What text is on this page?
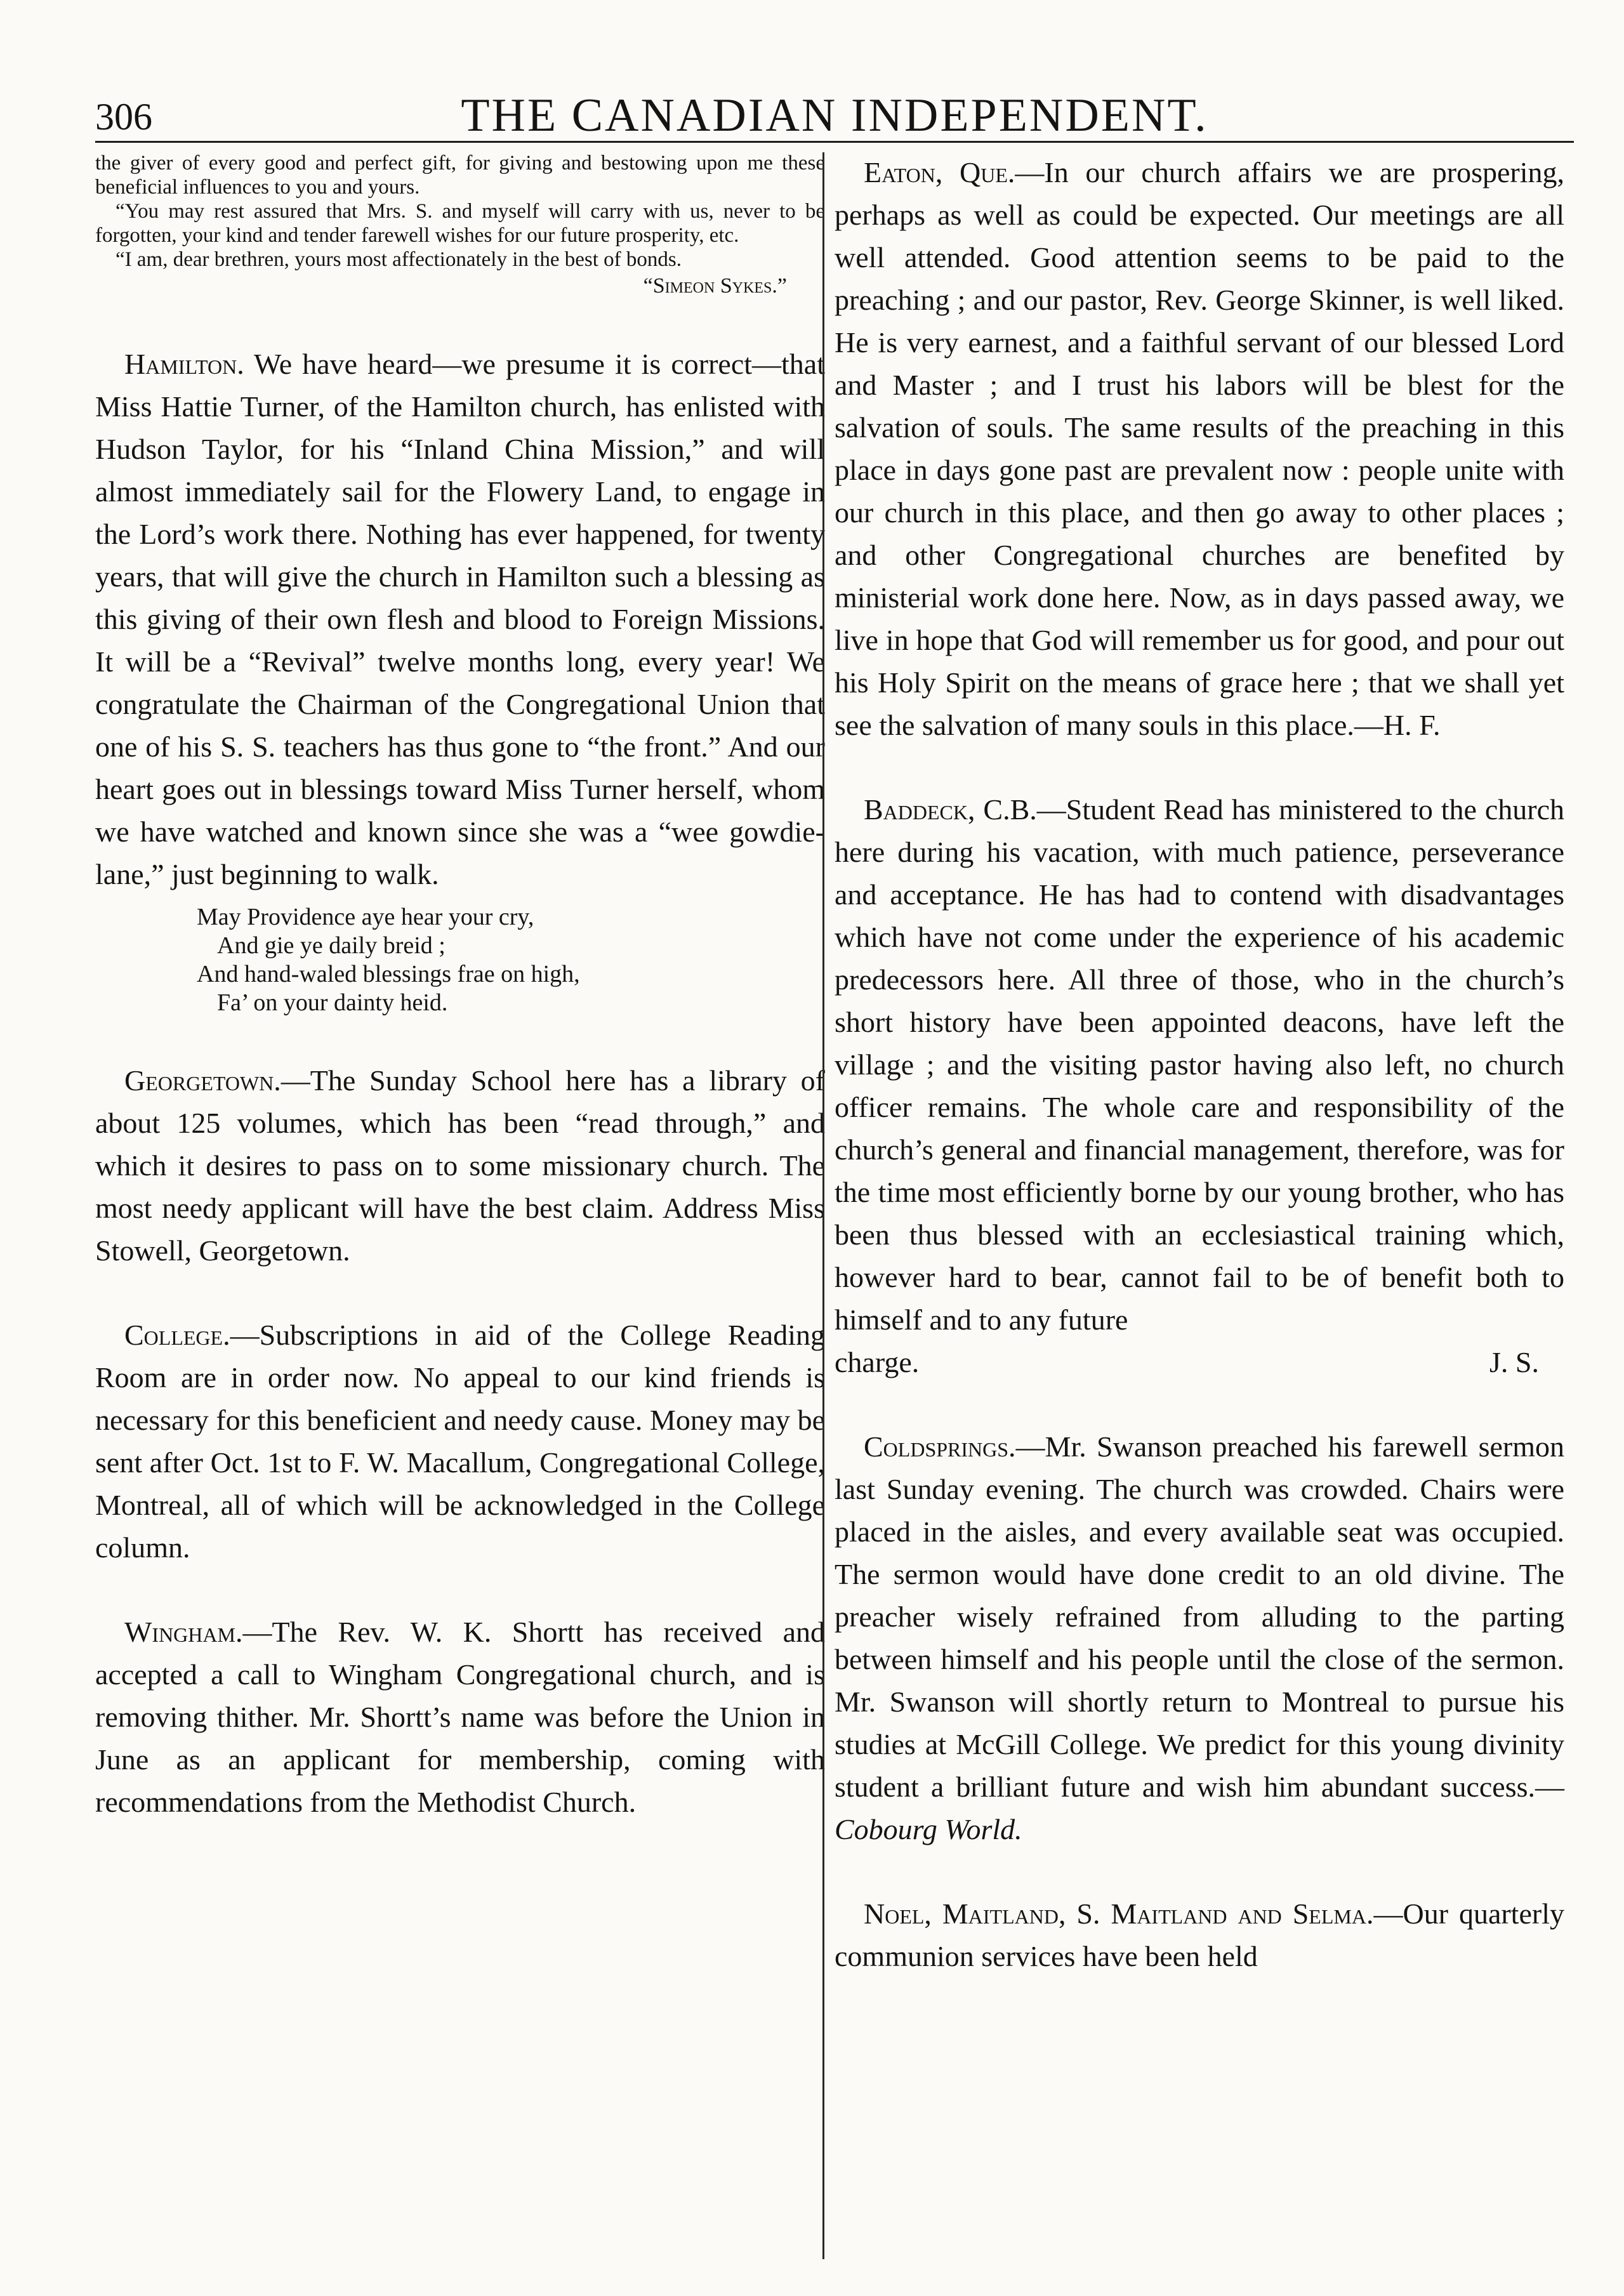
306	THE CANADIAN INDEPENDENT.

the giver of every good and perfect gift, for giving and bestowing upon me these beneficial influences to you and yours.

“You may rest assured that Mrs. S. and myself will carry with us, never to be forgotten, your kind and tender farewell wishes for our future prosperity, etc.

“I am, dear brethren, yours most affectionately in the best of bonds.

“Simeon Sykes.”

Hamilton. We have heard—we presume it is correct—that Miss Hattie Turner, of the Hamilton church, has enlisted with Hudson Taylor, for his “Inland China Mission,” and will almost immediately sail for the Flowery Land, to engage in the Lord’s work there. Nothing has ever happened, for twenty years, that will give the church in Hamilton such a blessing as this giving of their own flesh and blood to Foreign Missions. It will be a “Revival” twelve months long, every year! We congratulate the Chairman of the Congregational Union that one of his S. S. teachers has thus gone to “the front.” And our heart goes out in blessings toward Miss Turner herself, whom we have watched and known since she was a “wee gowdie-lane,” just beginning to walk.

May Providence aye hear your cry,
And gie ye daily breid ;
And hand-waled blessings frae on high,
Fa’ on your dainty heid.

Georgetown.—The Sunday School here has a library of about 125 volumes, which has been “read through,” and which it desires to pass on to some missionary church. The most needy applicant will have the best claim. Address Miss Stowell, Georgetown.

College.—Subscriptions in aid of the College Reading Room are in order now. No appeal to our kind friends is necessary for this beneficient and needy cause. Money may be sent after Oct. 1st to F. W. Macallum, Congregational College, Montreal, all of which will be acknowledged in the College column.

Wingham.—The Rev. W. K. Shortt has received and accepted a call to Wingham Congregational church, and is removing thither. Mr. Shortt’s name was before the Union in June as an applicant for membership, coming with recommendations from the Methodist Church.

Eaton, Que.—In our church affairs we are prospering, perhaps as well as could be expected. Our meetings are all well attended. Good attention seems to be paid to the preaching ; and our pastor, Rev. George Skinner, is well liked. He is very earnest, and a faithful servant of our blessed Lord and Master ; and I trust his labors will be blest for the salvation of souls. The same results of the preaching in this place in days gone past are prevalent now : people unite with our church in this place, and then go away to other places ; and other Congregational churches are benefited by ministerial work done here. Now, as in days passed away, we live in hope that God will remember us for good, and pour out his Holy Spirit on the means of grace here ; that we shall yet see the salvation of many souls in this place.—H. F.

Baddeck, C.B.—Student Read has ministered to the church here during his vacation, with much patience, perseverance and acceptance. He has had to contend with disadvantages which have not come under the experience of his academic predecessors here. All three of those, who in the church’s short history have been appointed deacons, have left the village ; and the visiting pastor having also left, no church officer remains. The whole care and responsibility of the church’s general and financial management, therefore, was for the time most efficiently borne by our young brother, who has been thus blessed with an ecclesiastical training which, however hard to bear, cannot fail to be of benefit both to himself and to any future

charge.	J. S.

Coldsprings.—Mr. Swanson preached his farewell sermon last Sunday evening. The church was crowded. Chairs were placed in the aisles, and every available seat was occupied. The sermon would have done credit to an old divine. The preacher wisely refrained from alluding to the parting between himself and his people until the close of the sermon. Mr. Swanson will shortly return to Montreal to pursue his studies at McGill College. We predict for this young divinity student a brilliant future and wish him abundant success.—Cobourg World.

Noel, Maitland, S. Maitland and Selma.—Our quarterly communion services have been held
